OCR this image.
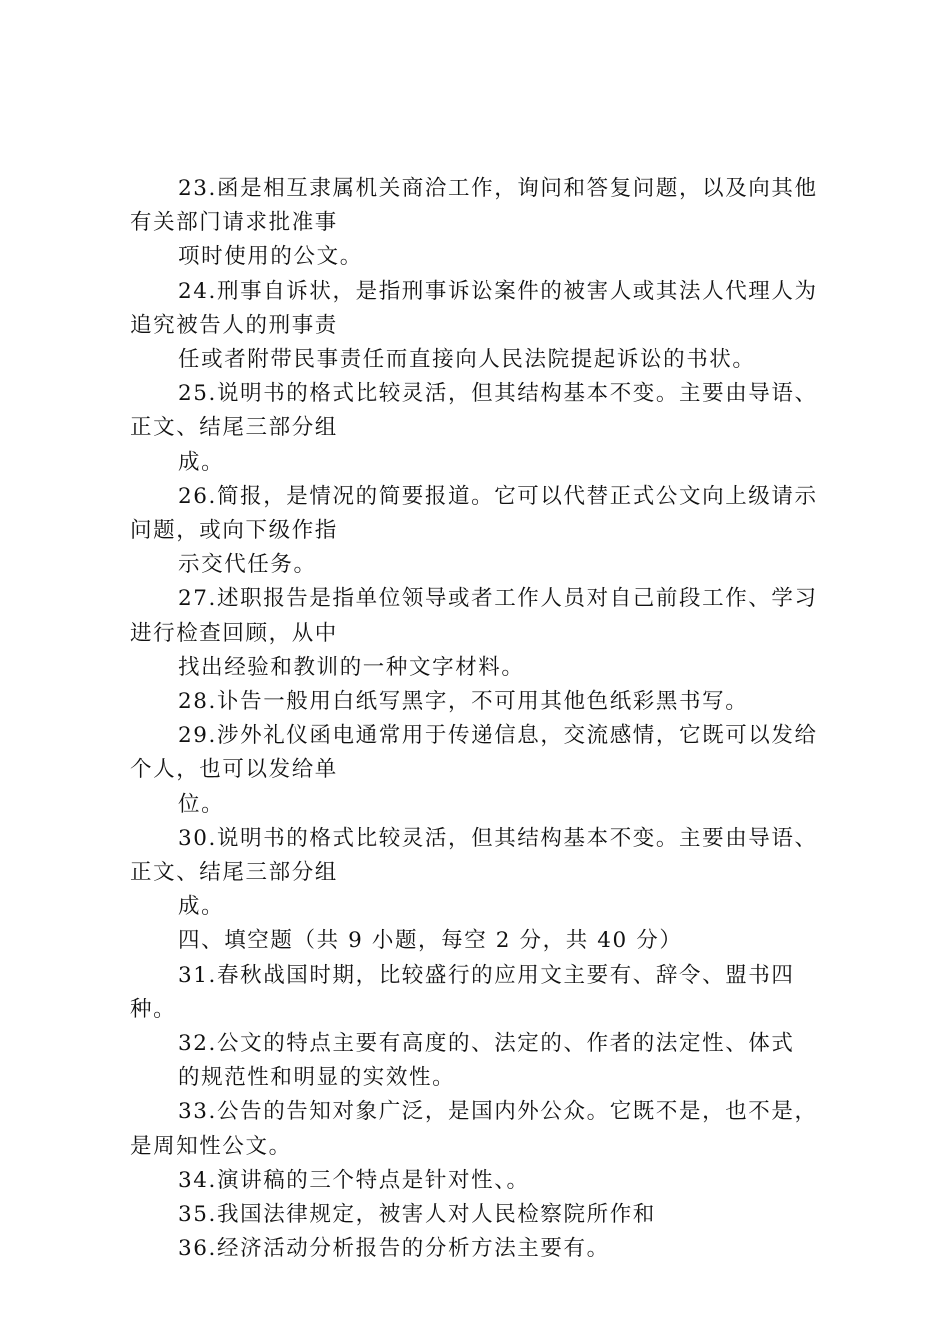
23.函是相互隶属机关商洽工作，询问和答复问题，以及向其他有关部门请求批准事

项时使用的公文。

24.刑事自诉状，是指刑事诉讼案件的被害人或其法人代理人为追究被告人的刑事责

任或者附带民事责任而直接向人民法院提起诉讼的书状。

25.说明书的格式比较灵活，但其结构基本不变。主要由导语、正文、结尾三部分组

成。

26.简报，是情况的简要报道。它可以代替正式公文向上级请示问题，或向下级作指

示交代任务。

27.述职报告是指单位领导或者工作人员对自己前段工作、学习进行检查回顾，从中

找出经验和教训的一种文字材料。

28.讣告一般用白纸写黑字，不可用其他色纸彩黑书写。

29.涉外礼仪函电通常用于传递信息，交流感情，它既可以发给个人，也可以发给单

位。

30.说明书的格式比较灵活，但其结构基本不变。主要由导语、正文、结尾三部分组

成。

四、填空题（共 9 小题，每空 2 分，共 40 分）

31.春秋战国时期，比较盛行的应用文主要有、辞令、盟书四种。

32.公文的特点主要有高度的、法定的、作者的法定性、体式

的规范性和明显的实效性。

33.公告的告知对象广泛，是国内外公众。它既不是，也不是，是周知性公文。

34.演讲稿的三个特点是针对性、。

35.我国法律规定，被害人对人民检察院所作和

36.经济活动分析报告的分析方法主要有。
